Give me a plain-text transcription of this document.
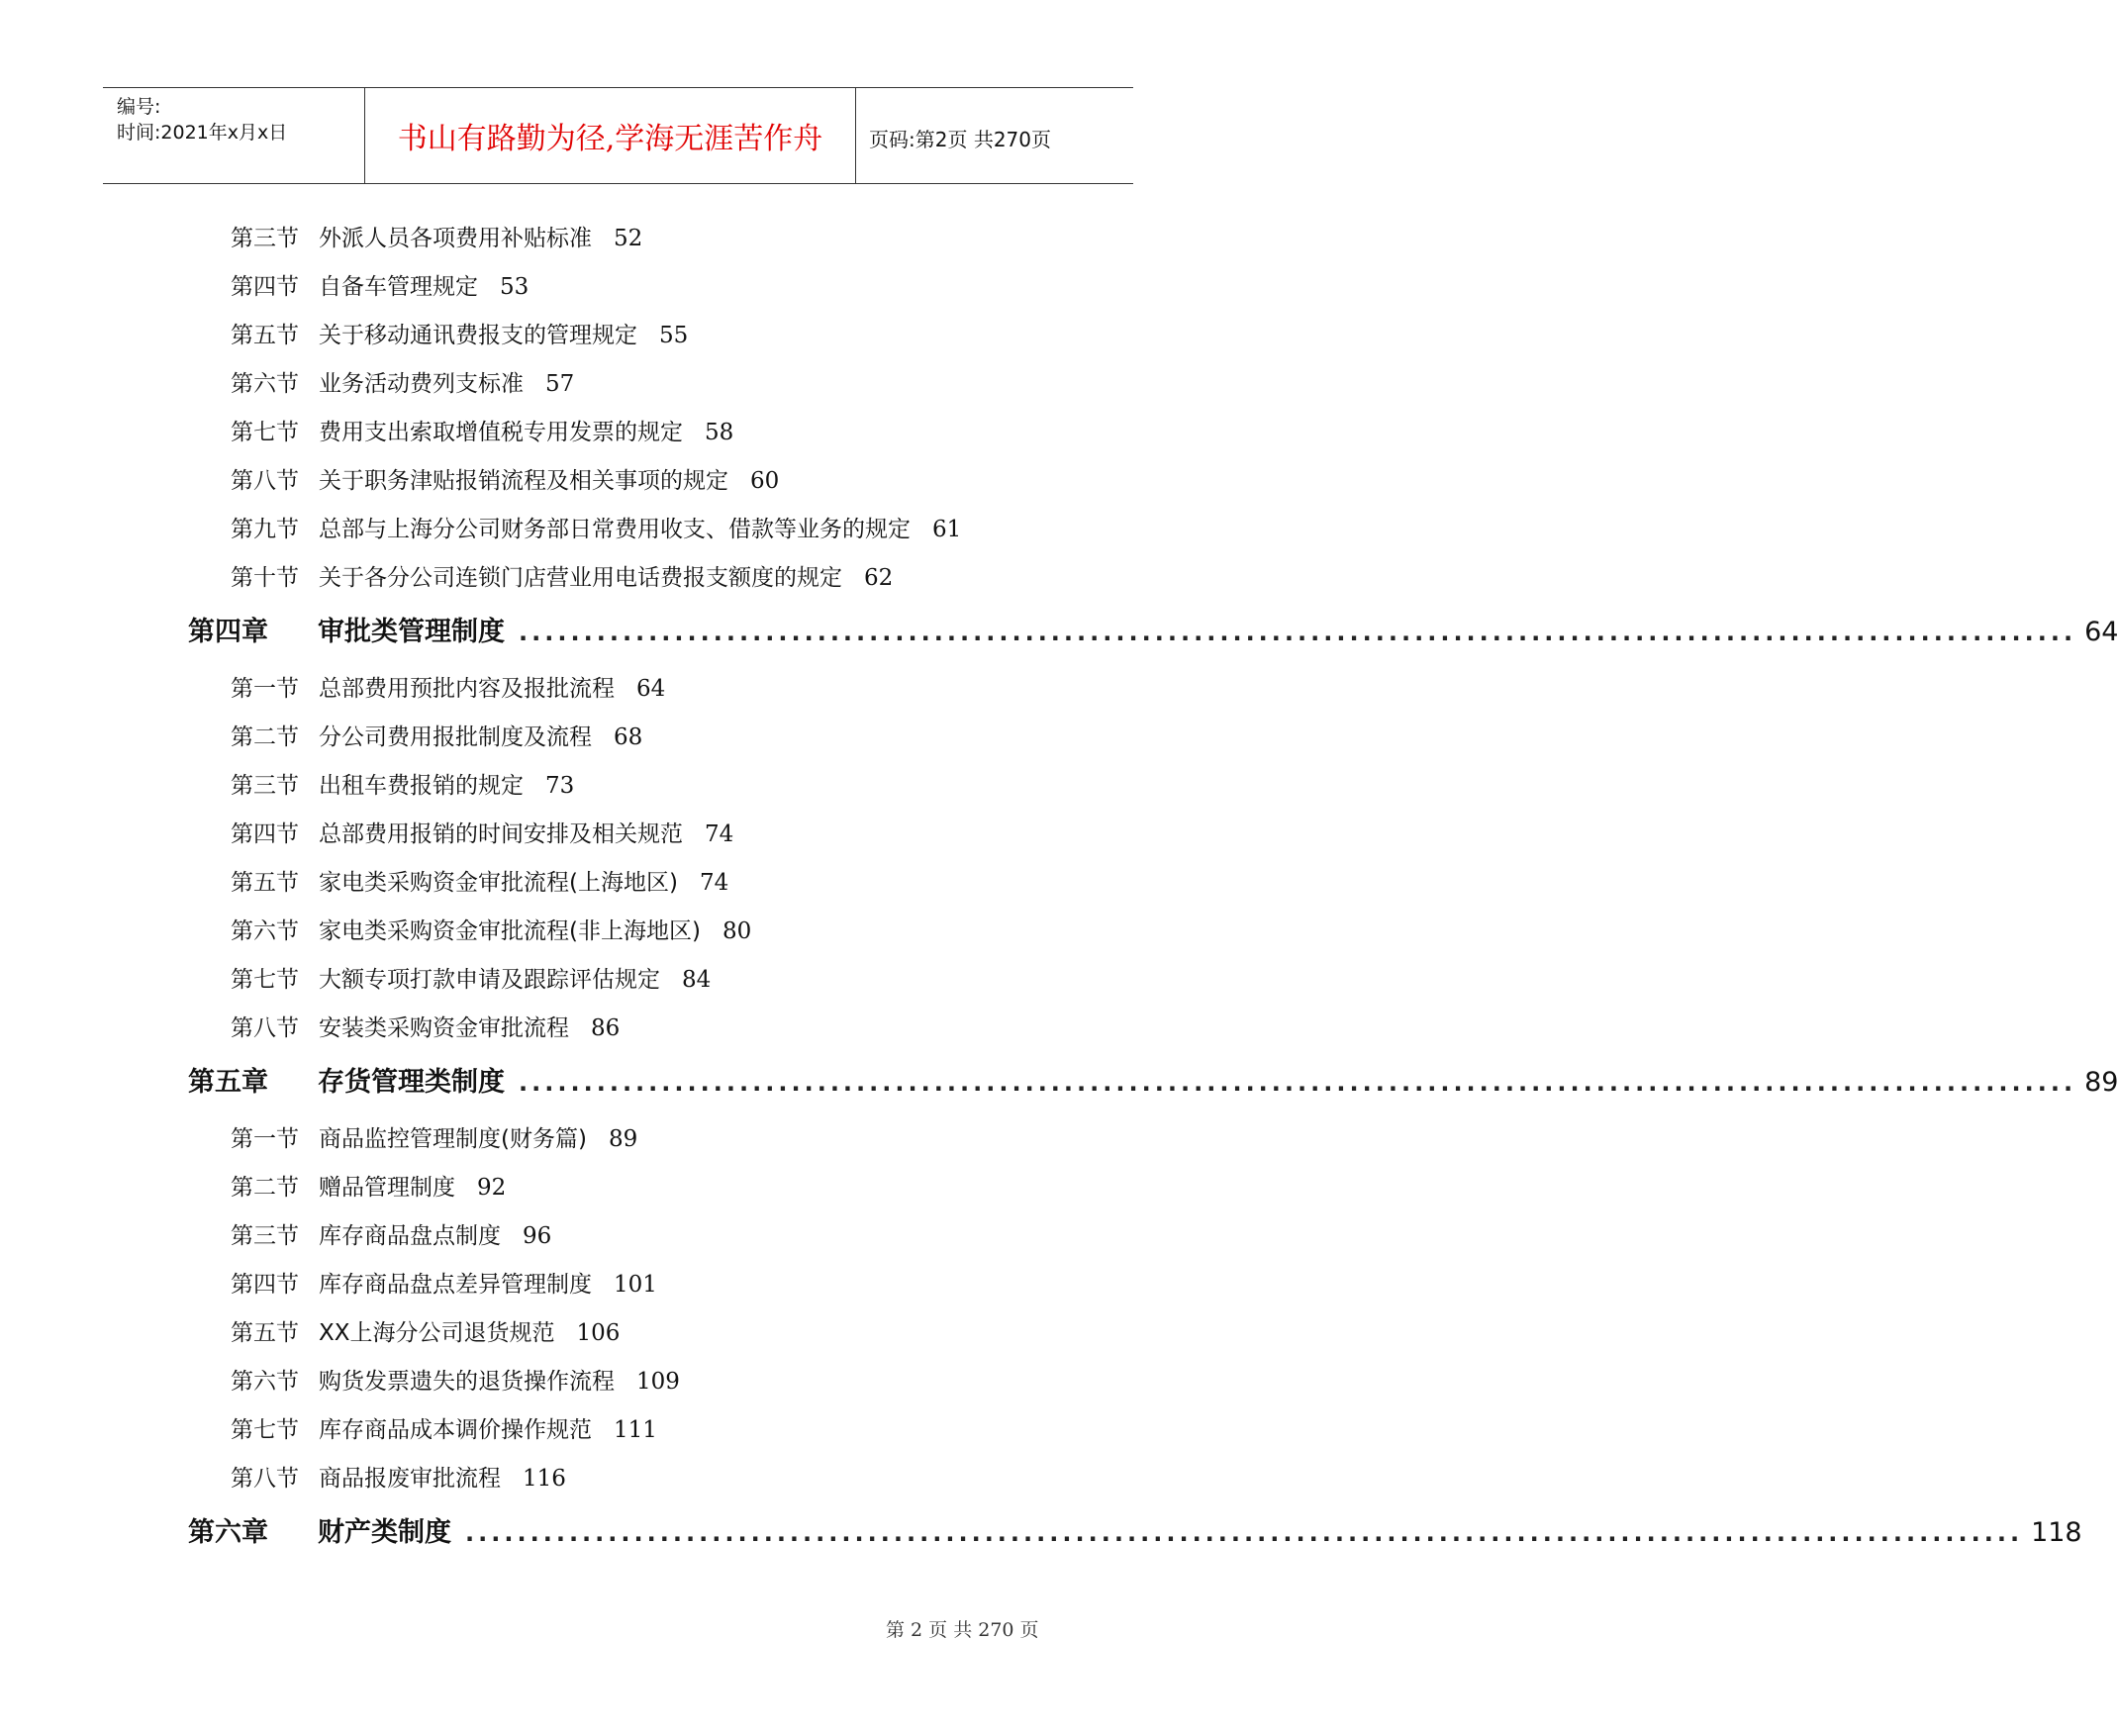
编号:
时间:2021年x月x日	书山有路勤为径,学海无涯苦作舟	页码:第2页 共270页
第三节 外派人员各项费用补贴标准 52
第四节 自备车管理规定 53
第五节 关于移动通讯费报支的管理规定 55
第六节 业务活动费列支标准 57
第七节 费用支出索取增值税专用发票的规定 58
第八节 关于职务津贴报销流程及相关事项的规定 60
第九节 总部与上海分公司财务部日常费用收支、借款等业务的规定 61
第十节 关于各分公司连锁门店营业用电话费报支额度的规定 62
第四章	审批类管理制度 ........................................................................................................................ 64
第一节 总部费用预批内容及报批流程 64
第二节 分公司费用报批制度及流程 68
第三节 出租车费报销的规定 73
第四节 总部费用报销的时间安排及相关规范 74
第五节 家电类采购资金审批流程(上海地区) 74
第六节 家电类采购资金审批流程(非上海地区) 80
第七节 大额专项打款申请及跟踪评估规定 84
第八节 安装类采购资金审批流程 86
第五章	存货管理类制度 ........................................................................................................................ 89
第一节 商品监控管理制度(财务篇) 89
第二节 赠品管理制度 92
第三节 库存商品盘点制度 96
第四节 库存商品盘点差异管理制度 101
第五节 XX上海分公司退货规范 106
第六节 购货发票遗失的退货操作流程 109
第七节 库存商品成本调价操作规范 111
第八节 商品报废审批流程 116
第六章	财产类制度 ........................................................................................................................ 118
第 2 页 共 270 页
